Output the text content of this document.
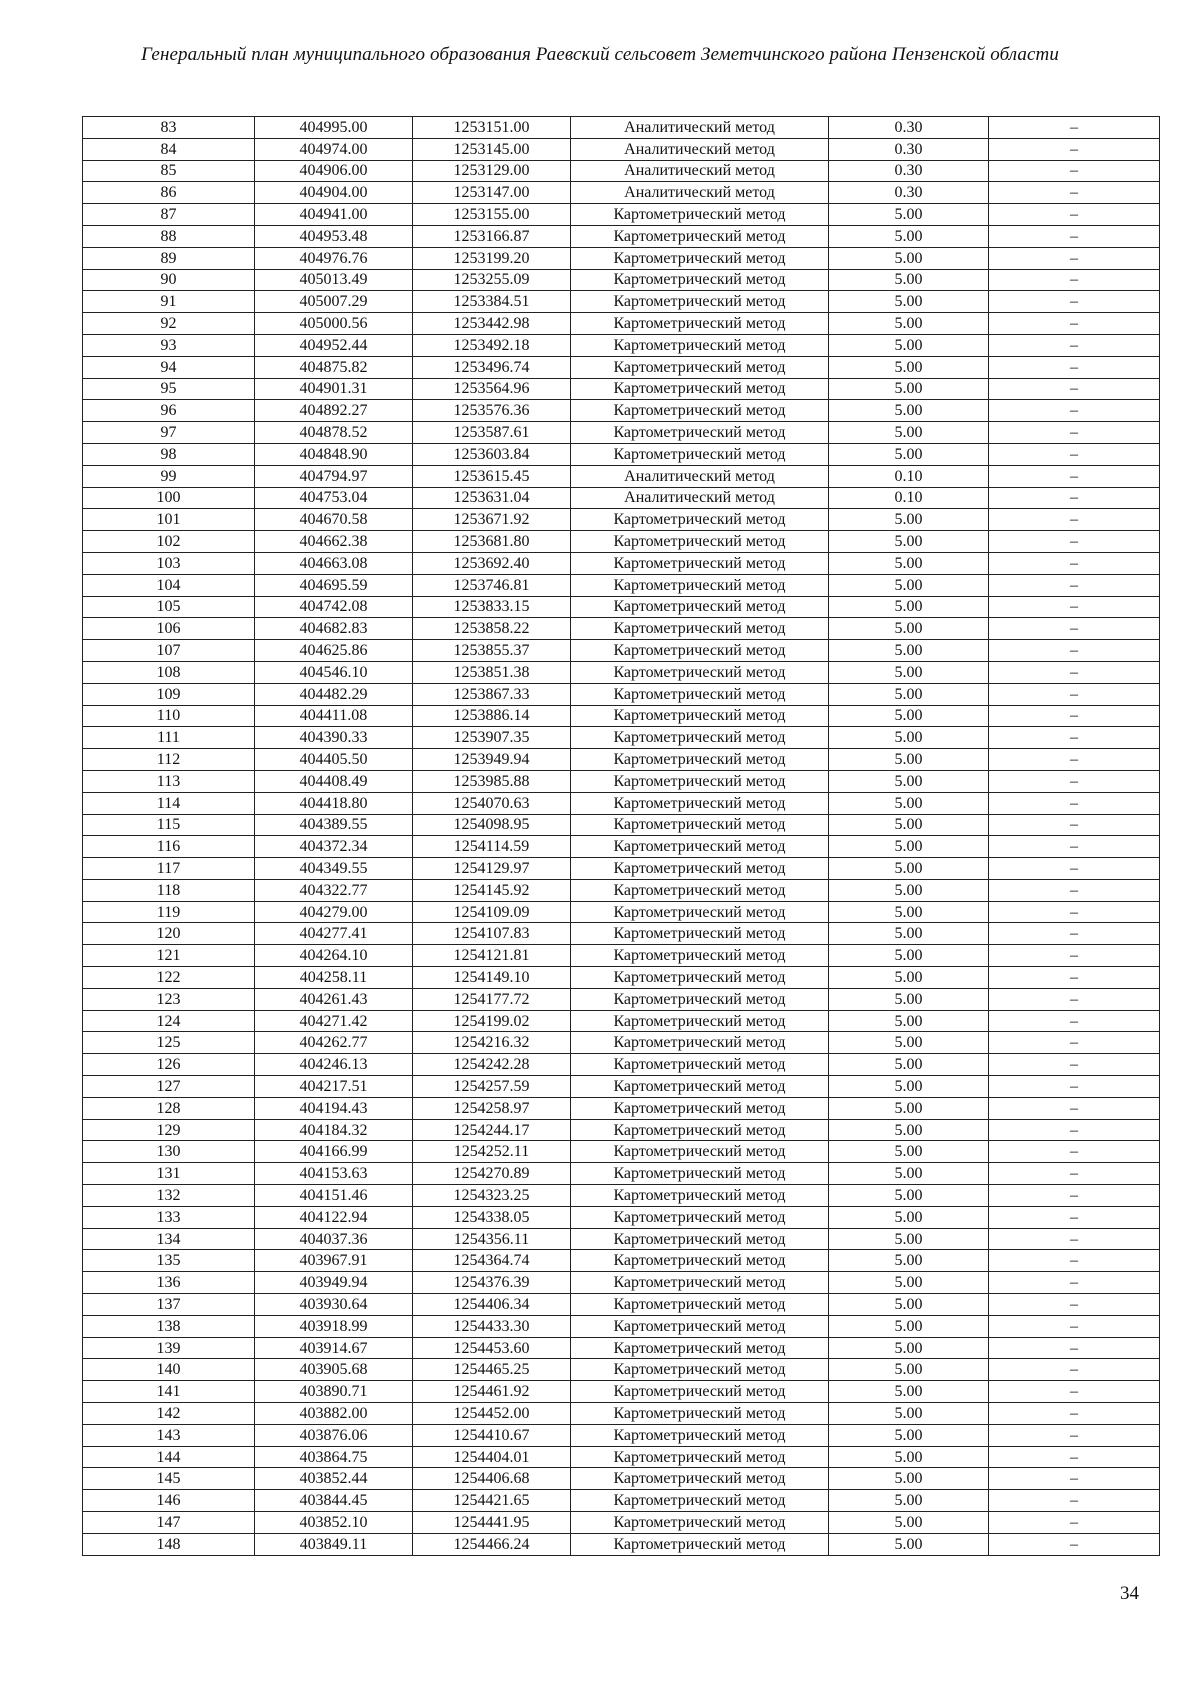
Генеральный план муниципального образования Раевский сельсовет Земетчинского района Пензенской области
83	404995.00	1253151.00	Аналитический метод	0.30	–
84	404974.00	1253145.00	Аналитический метод	0.30	–
85	404906.00	1253129.00	Аналитический метод	0.30	–
86	404904.00	1253147.00	Аналитический метод	0.30	–
87	404941.00	1253155.00	Картометрический метод	5.00	–
88	404953.48	1253166.87	Картометрический метод	5.00	–
89	404976.76	1253199.20	Картометрический метод	5.00	–
90	405013.49	1253255.09	Картометрический метод	5.00	–
91	405007.29	1253384.51	Картометрический метод	5.00	–
92	405000.56	1253442.98	Картометрический метод	5.00	–
93	404952.44	1253492.18	Картометрический метод	5.00	–
94	404875.82	1253496.74	Картометрический метод	5.00	–
95	404901.31	1253564.96	Картометрический метод	5.00	–
96	404892.27	1253576.36	Картометрический метод	5.00	–
97	404878.52	1253587.61	Картометрический метод	5.00	–
98	404848.90	1253603.84	Картометрический метод	5.00	–
99	404794.97	1253615.45	Аналитический метод	0.10	–
100	404753.04	1253631.04	Аналитический метод	0.10	–
101	404670.58	1253671.92	Картометрический метод	5.00	–
102	404662.38	1253681.80	Картометрический метод	5.00	–
103	404663.08	1253692.40	Картометрический метод	5.00	–
104	404695.59	1253746.81	Картометрический метод	5.00	–
105	404742.08	1253833.15	Картометрический метод	5.00	–
106	404682.83	1253858.22	Картометрический метод	5.00	–
107	404625.86	1253855.37	Картометрический метод	5.00	–
108	404546.10	1253851.38	Картометрический метод	5.00	–
109	404482.29	1253867.33	Картометрический метод	5.00	–
110	404411.08	1253886.14	Картометрический метод	5.00	–
111	404390.33	1253907.35	Картометрический метод	5.00	–
112	404405.50	1253949.94	Картометрический метод	5.00	–
113	404408.49	1253985.88	Картометрический метод	5.00	–
114	404418.80	1254070.63	Картометрический метод	5.00	–
115	404389.55	1254098.95	Картометрический метод	5.00	–
116	404372.34	1254114.59	Картометрический метод	5.00	–
117	404349.55	1254129.97	Картометрический метод	5.00	–
118	404322.77	1254145.92	Картометрический метод	5.00	–
119	404279.00	1254109.09	Картометрический метод	5.00	–
120	404277.41	1254107.83	Картометрический метод	5.00	–
121	404264.10	1254121.81	Картометрический метод	5.00	–
122	404258.11	1254149.10	Картометрический метод	5.00	–
123	404261.43	1254177.72	Картометрический метод	5.00	–
124	404271.42	1254199.02	Картометрический метод	5.00	–
125	404262.77	1254216.32	Картометрический метод	5.00	–
126	404246.13	1254242.28	Картометрический метод	5.00	–
127	404217.51	1254257.59	Картометрический метод	5.00	–
128	404194.43	1254258.97	Картометрический метод	5.00	–
129	404184.32	1254244.17	Картометрический метод	5.00	–
130	404166.99	1254252.11	Картометрический метод	5.00	–
131	404153.63	1254270.89	Картометрический метод	5.00	–
132	404151.46	1254323.25	Картометрический метод	5.00	–
133	404122.94	1254338.05	Картометрический метод	5.00	–
134	404037.36	1254356.11	Картометрический метод	5.00	–
135	403967.91	1254364.74	Картометрический метод	5.00	–
136	403949.94	1254376.39	Картометрический метод	5.00	–
137	403930.64	1254406.34	Картометрический метод	5.00	–
138	403918.99	1254433.30	Картометрический метод	5.00	–
139	403914.67	1254453.60	Картометрический метод	5.00	–
140	403905.68	1254465.25	Картометрический метод	5.00	–
141	403890.71	1254461.92	Картометрический метод	5.00	–
142	403882.00	1254452.00	Картометрический метод	5.00	–
143	403876.06	1254410.67	Картометрический метод	5.00	–
144	403864.75	1254404.01	Картометрический метод	5.00	–
145	403852.44	1254406.68	Картометрический метод	5.00	–
146	403844.45	1254421.65	Картометрический метод	5.00	–
147	403852.10	1254441.95	Картометрический метод	5.00	–
148	403849.11	1254466.24	Картометрический метод	5.00	–
34
